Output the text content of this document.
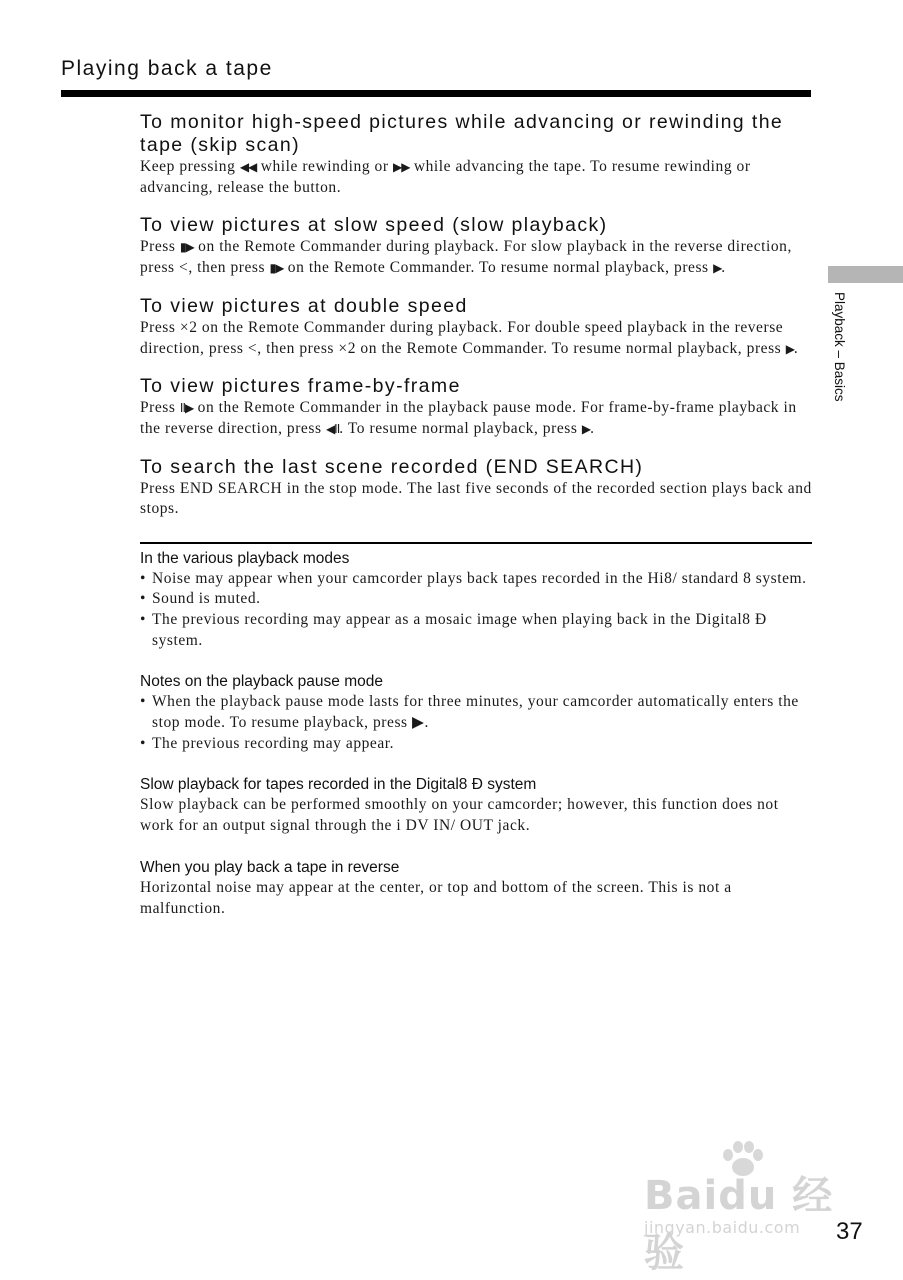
Playing back a tape

To monitor high-speed pictures while advancing or rewinding the tape (skip scan)

Keep pressing ◀◀ while rewinding or ▶▶ while advancing the tape. To resume rewinding or advancing, release the button.

To view pictures at slow speed (slow playback)

Press ▮▶ on the Remote Commander during playback. For slow playback in the reverse direction, press <, then press ▮▶ on the Remote Commander. To resume normal playback, press ▶.

To view pictures at double speed

Press ×2 on the Remote Commander during playback. For double speed playback in the reverse direction, press <, then press ×2 on the Remote Commander. To resume normal playback, press ▶.

To view pictures frame-by-frame

Press II▶ on the Remote Commander in the playback pause mode. For frame-by-frame playback in the reverse direction, press ◀II. To resume normal playback, press ▶.

To search the last scene recorded (END SEARCH)

Press END SEARCH in the stop mode. The last five seconds of the recorded section plays back and stops.

In the various playback modes

• Noise may appear when your camcorder plays back tapes recorded in the Hi8/ standard 8 system.
• Sound is muted.
• The previous recording may appear as a mosaic image when playing back in the Digital8 Ð system.

Notes on the playback pause mode

• When the playback pause mode lasts for three minutes, your camcorder automatically enters the stop mode. To resume playback, press ▶.
• The previous recording may appear.

Slow playback for tapes recorded in the Digital8 Ð system

Slow playback can be performed smoothly on your camcorder; however, this function does not work for an output signal through the i DV IN/ OUT jack.

When you play back a tape in reverse

Horizontal noise may appear at the center, or top and bottom of the screen. This is not a malfunction.

Playback – Basics
Baidu 经验
jingyan.baidu.com 37
